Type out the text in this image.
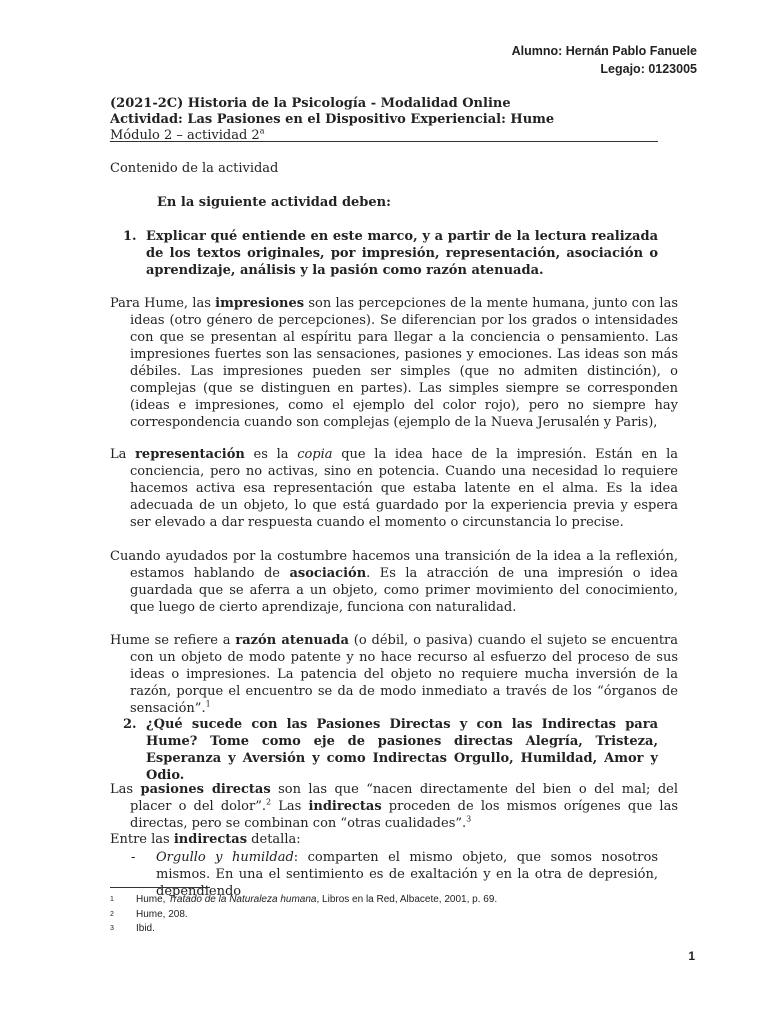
Alumno: Hernán Pablo Fanuele
Legajo: 0123005
(2021-2C) Historia de la Psicología - Modalidad Online
Actividad: Las Pasiones en el Dispositivo Experiencial: Hume
Módulo 2 – actividad 2$^a$
Contenido de la actividad
En la siguiente actividad deben:
1. Explicar qué entiende en este marco, y a partir de la lectura realizada de los textos originales, por impresión, representación, asociación o aprendizaje, análisis y la pasión como razón atenuada.
Para Hume, las impresiones son las percepciones de la mente humana, junto con las ideas (otro género de percepciones). Se diferencian por los grados o intensidades con que se presentan al espíritu para llegar a la conciencia o pensamiento. Las impresiones fuertes son las sensaciones, pasiones y emociones. Las ideas son más débiles. Las impresiones pueden ser simples (que no admiten distinción), o complejas (que se distinguen en partes). Las simples siempre se corresponden (ideas e impresiones, como el ejemplo del color rojo), pero no siempre hay correspondencia cuando son complejas (ejemplo de la Nueva Jerusalén y Paris),
La representación es la copia que la idea hace de la impresión. Están en la conciencia, pero no activas, sino en potencia. Cuando una necesidad lo requiere hacemos activa esa representación que estaba latente en el alma. Es la idea adecuada de un objeto, lo que está guardado por la experiencia previa y espera ser elevado a dar respuesta cuando el momento o circunstancia lo precise.
Cuando ayudados por la costumbre hacemos una transición de la idea a la reflexión, estamos hablando de asociación. Es la atracción de una impresión o idea guardada que se aferra a un objeto, como primer movimiento del conocimiento, que luego de cierto aprendizaje, funciona con naturalidad.
Hume se refiere a razón atenuada (o débil, o pasiva) cuando el sujeto se encuentra con un objeto de modo patente y no hace recurso al esfuerzo del proceso de sus ideas o impresiones. La patencia del objeto no requiere mucha inversión de la razón, porque el encuentro se da de modo inmediato a través de los “órganos de sensación”.$^1$
2. ¿Qué sucede con las Pasiones Directas y con las Indirectas para Hume? Tome como eje de pasiones directas Alegría, Tristeza, Esperanza y Aversión y como Indirectas Orgullo, Humildad, Amor y Odio.
Las pasiones directas son las que “nacen directamente del bien o del mal; del placer o del dolor”.$^2$ Las indirectas proceden de los mismos orígenes que las directas, pero se combinan con “otras cualidades”.$^3$
Entre las indirectas detalla:
- Orgullo y humildad: comparten el mismo objeto, que somos nosotros mismos. En una el sentimiento es de exaltación y en la otra de depresión, dependiendo
1 Hume, Tratado de la Naturaleza humana, Libros en la Red, Albacete, 2001, p. 69.
2 Hume, 208.
3 Ibid.
1
